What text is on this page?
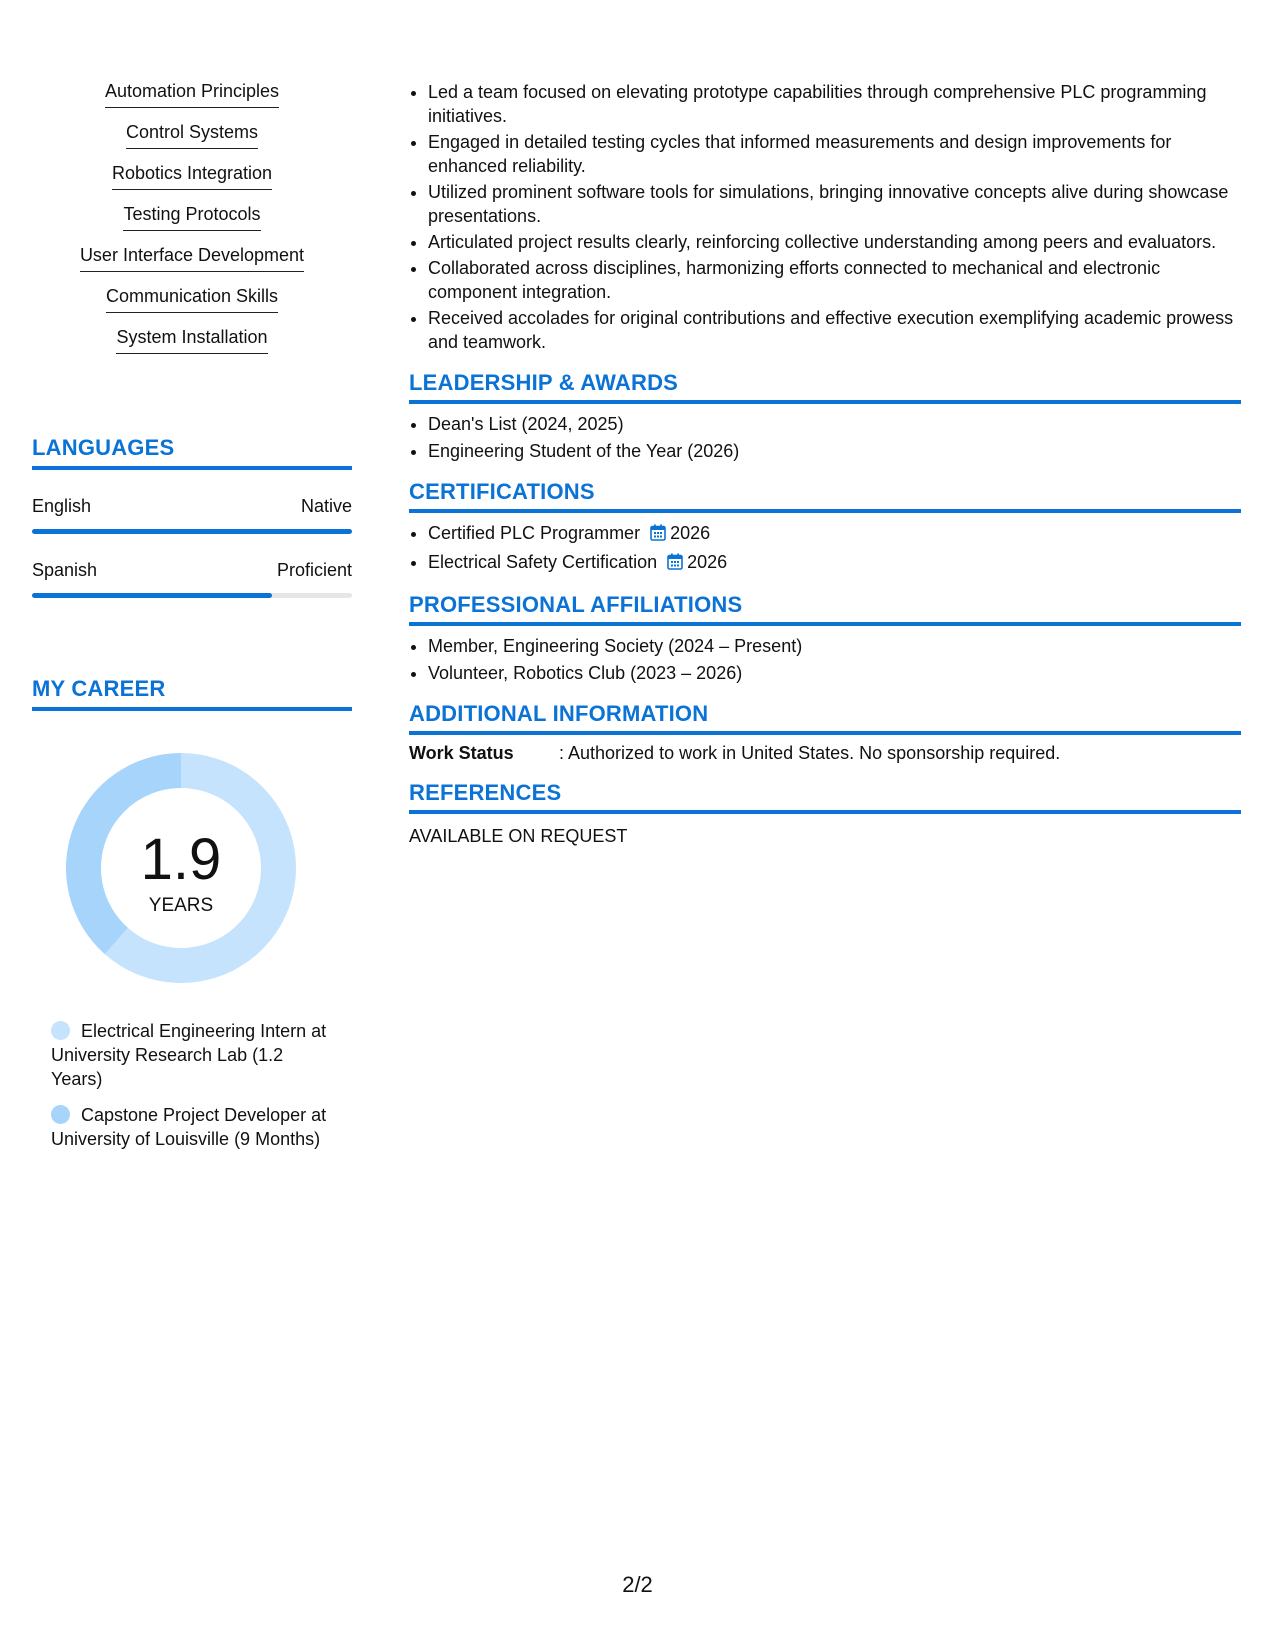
Automation Principles
Control Systems
Robotics Integration
Testing Protocols
User Interface Development
Communication Skills
System Installation
LANGUAGES
English	Native
Spanish	Proficient
MY CAREER
1.9
YEARS
Electrical Engineering Intern at University Research Lab (1.2 Years)
Capstone Project Developer at University of Louisville (9 Months)
• Led a team focused on elevating prototype capabilities through comprehensive PLC programming initiatives.
• Engaged in detailed testing cycles that informed measurements and design improvements for enhanced reliability.
• Utilized prominent software tools for simulations, bringing innovative concepts alive during showcase presentations.
• Articulated project results clearly, reinforcing collective understanding among peers and evaluators.
• Collaborated across disciplines, harmonizing efforts connected to mechanical and electronic component integration.
• Received accolades for original contributions and effective execution exemplifying academic prowess and teamwork.
LEADERSHIP & AWARDS
• Dean's List (2024, 2025)
• Engineering Student of the Year (2026)
CERTIFICATIONS
• Certified PLC Programmer 2026
• Electrical Safety Certification 2026
PROFESSIONAL AFFILIATIONS
• Member, Engineering Society (2024 – Present)
• Volunteer, Robotics Club (2023 – 2026)
ADDITIONAL INFORMATION
Work Status	: Authorized to work in United States. No sponsorship required.
REFERENCES
AVAILABLE ON REQUEST
2/2
